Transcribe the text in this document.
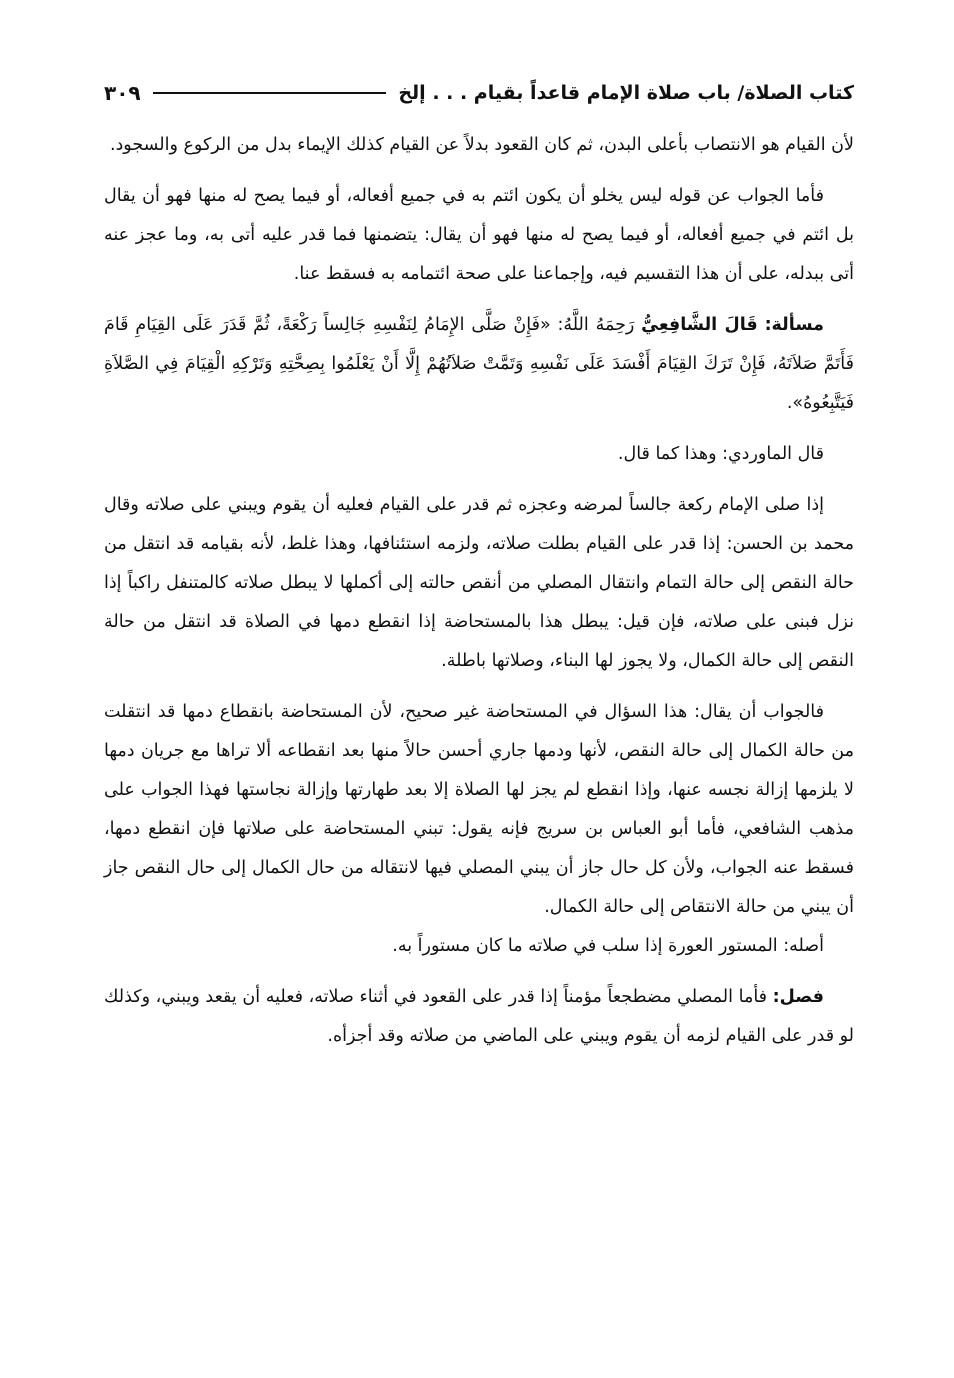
كتاب الصلاة/ باب صلاة الإمام قاعداً بقيام . . . إلخ
٣٠٩

لأن القيام هو الانتصاب بأعلى البدن، ثم كان القعود بدلاً عن القيام كذلك الإيماء بدل من الركوع والسجود.

فأما الجواب عن قوله ليس يخلو أن يكون ائتم به في جميع أفعاله، أو فيما يصح له منها فهو أن يقال بل ائتم في جميع أفعاله، أو فيما يصح له منها فهو أن يقال: يتضمنها فما قدر عليه أتى به، وما عجز عنه أتى ببدله، على أن هذا التقسيم فيه، وإجماعنا على صحة ائتمامه به فسقط عنا.

مسألة: قَالَ الشَّافِعِيُّ رَحِمَهُ اللَّهُ: «فَإِنْ صَلَّى الإِمَامُ لِنَفْسِهِ جَالِساً رَكْعَةً، ثُمَّ قَدَرَ عَلَى القِيَامِ قَامَ فَأَتَمَّ صَلاَتَهُ، فَإِنْ تَرَكَ القِيَامَ أَفْسَدَ عَلَى نَفْسِهِ وَتَمَّتْ صَلاَتُهُمْ إِلَّا أَنْ يَعْلَمُوا بِصِحَّتِهِ وَتَرْكِهِ الْقِيَامَ فِي الصَّلاَةِ فَيَتَّبِعُوهُ».

قال الماوردي: وهذا كما قال.

إذا صلى الإمام ركعة جالساً لمرضه وعجزه ثم قدر على القيام فعليه أن يقوم ويبني على صلاته وقال محمد بن الحسن: إذا قدر على القيام بطلت صلاته، ولزمه استئنافها، وهذا غلط، لأنه بقيامه قد انتقل من حالة النقص إلى حالة التمام وانتقال المصلي من أنقص حالته إلى أكملها لا يبطل صلاته كالمتنفل راكباً إذا نزل فبنى على صلاته، فإن قيل: يبطل هذا بالمستحاضة إذا انقطع دمها في الصلاة قد انتقل من حالة النقص إلى حالة الكمال، ولا يجوز لها البناء، وصلاتها باطلة.

فالجواب أن يقال: هذا السؤال في المستحاضة غير صحيح، لأن المستحاضة بانقطاع دمها قد انتقلت من حالة الكمال إلى حالة النقص، لأنها ودمها جاري أحسن حالاً منها بعد انقطاعه ألا تراها مع جريان دمها لا يلزمها إزالة نجسه عنها، وإذا انقطع لم يجز لها الصلاة إلا بعد طهارتها وإزالة نجاستها فهذا الجواب على مذهب الشافعي، فأما أبو العباس بن سريج فإنه يقول: تبني المستحاضة على صلاتها فإن انقطع دمها، فسقط عنه الجواب، ولأن كل حال جاز أن يبني المصلي فيها لانتقاله من حال الكمال إلى حال النقص جاز أن يبني من حالة الانتقاص إلى حالة الكمال.

أصله: المستور العورة إذا سلب في صلاته ما كان مستوراً به.

فصل: فأما المصلي مضطجعاً مؤمناً إذا قدر على القعود في أثناء صلاته، فعليه أن يقعد ويبني، وكذلك لو قدر على القيام لزمه أن يقوم ويبني على الماضي من صلاته وقد أجزأه.
